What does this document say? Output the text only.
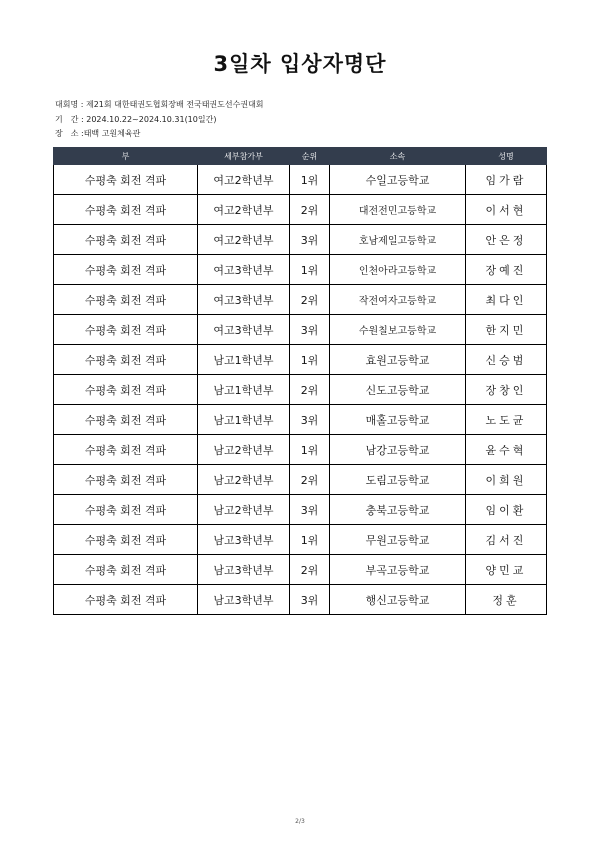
3일차 입상자명단
대회명 : 제21회 대한태권도협회장배 전국태권도선수권대회
기　간 : 2024.10.22~2024.10.31(10일간)
장　소 :태백 고원체육관
부	세부참가부	순위	소속	성명
수평축 회전 격파	여고2학년부	1위	수일고등학교	임가람
수평축 회전 격파	여고2학년부	2위	대전전민고등학교	이서현
수평축 회전 격파	여고2학년부	3위	호남제일고등학교	안은정
수평축 회전 격파	여고3학년부	1위	인천아라고등학교	장예진
수평축 회전 격파	여고3학년부	2위	작전여자고등학교	최다인
수평축 회전 격파	여고3학년부	3위	수원칠보고등학교	한지민
수평축 회전 격파	남고1학년부	1위	효원고등학교	신승범
수평축 회전 격파	남고1학년부	2위	신도고등학교	장창인
수평축 회전 격파	남고1학년부	3위	매홀고등학교	노도균
수평축 회전 격파	남고2학년부	1위	남강고등학교	윤수혁
수평축 회전 격파	남고2학년부	2위	도림고등학교	이희원
수평축 회전 격파	남고2학년부	3위	충북고등학교	임이환
수평축 회전 격파	남고3학년부	1위	무원고등학교	김서진
수평축 회전 격파	남고3학년부	2위	부곡고등학교	양민교
수평축 회전 격파	남고3학년부	3위	행신고등학교	정훈
2/3
